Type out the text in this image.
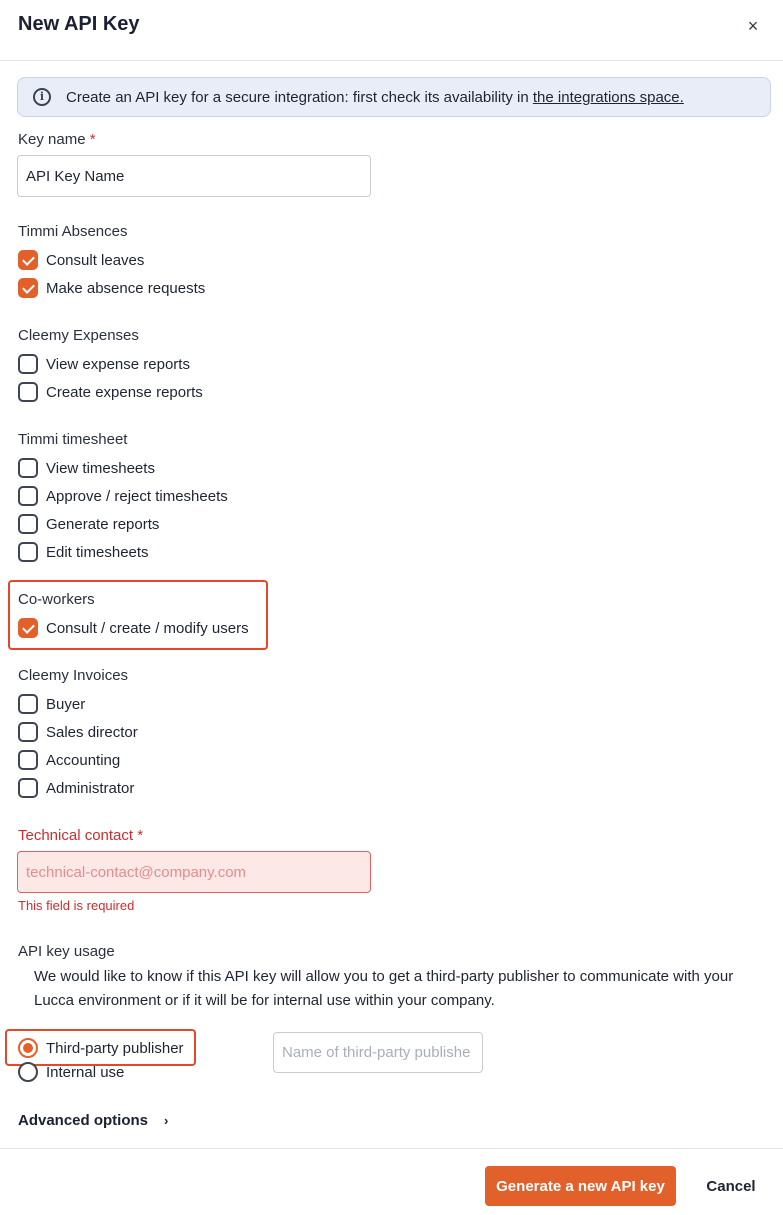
New API Key	×
i	Create an API key for a secure integration: first check its availability in the integrations space.
Key name *
API Key Name
Timmi Absences
Consult leaves
Make absence requests
Cleemy Expenses
View expense reports
Create expense reports
Timmi timesheet
View timesheets
Approve / reject timesheets
Generate reports
Edit timesheets
Co-workers
Consult / create / modify users
Cleemy Invoices
Buyer
Sales director
Accounting
Administrator
Technical contact *
technical-contact@company.com
This field is required
API key usage
We would like to know if this API key will allow you to get a third-party publisher to communicate with your Lucca environment or if it will be for internal use within your company.
Third-party publisher
Internal use
Name of third-party publishe
Advanced options ›
Generate a new API key	Cancel
